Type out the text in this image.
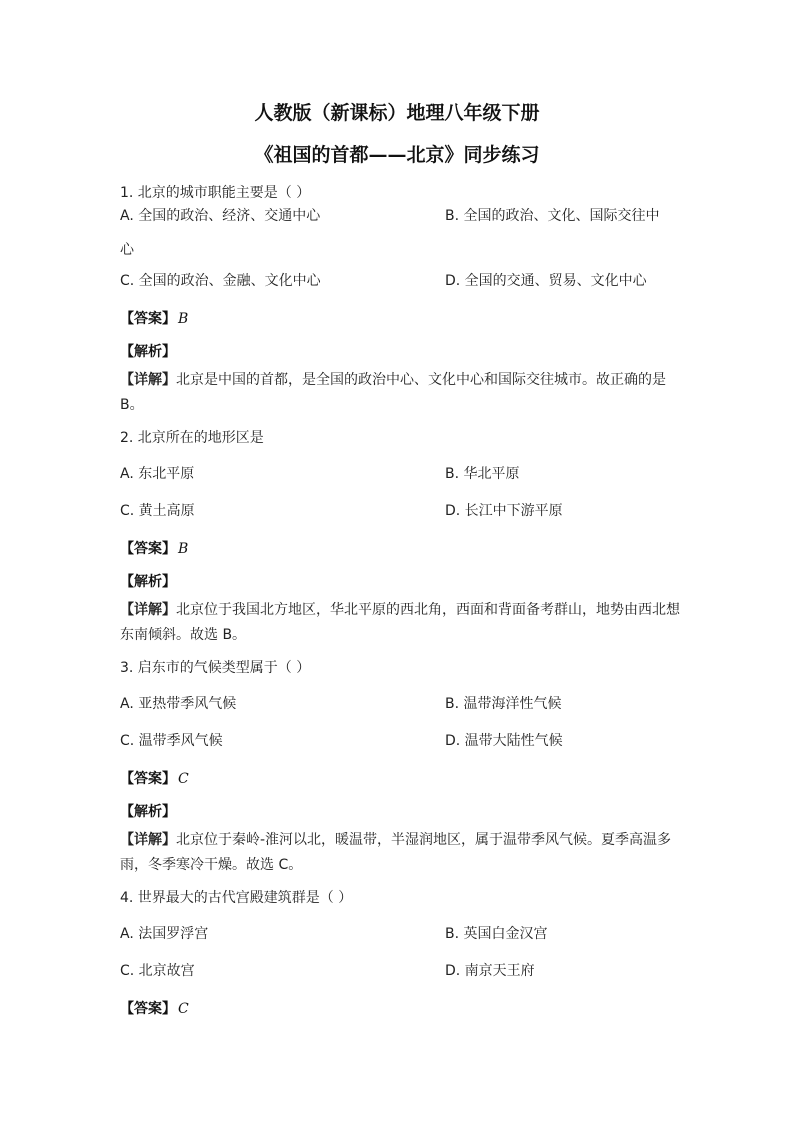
人教版（新课标）地理八年级下册
《祖国的首都——北京》同步练习
1. 北京的城市职能主要是（ ）
A. 全国的政治、经济、交通中心	B. 全国的政治、文化、国际交往中
心
C. 全国的政治、金融、文化中心	D. 全国的交通、贸易、文化中心
【答案】 B
【解析】
【详解】北京是中国的首都，是全国的政治中心、文化中心和国际交往城市。故正确的是B。
2. 北京所在的地形区是
A. 东北平原	B. 华北平原
C. 黄土高原	D. 长江中下游平原
【答案】 B
【解析】
【详解】北京位于我国北方地区，华北平原的西北角，西面和背面备考群山，地势由西北想东南倾斜。故选 B。
3. 启东市的气候类型属于（ ）
A. 亚热带季风气候	B. 温带海洋性气候
C. 温带季风气候	D. 温带大陆性气候
【答案】 C
【解析】
【详解】北京位于秦岭-淮河以北，暖温带，半湿润地区，属于温带季风气候。夏季高温多雨，冬季寒冷干燥。故选 C。
4. 世界最大的古代宫殿建筑群是（ ）
A. 法国罗浮宫	B. 英国白金汉宫
C. 北京故宫	D. 南京天王府
【答案】 C
